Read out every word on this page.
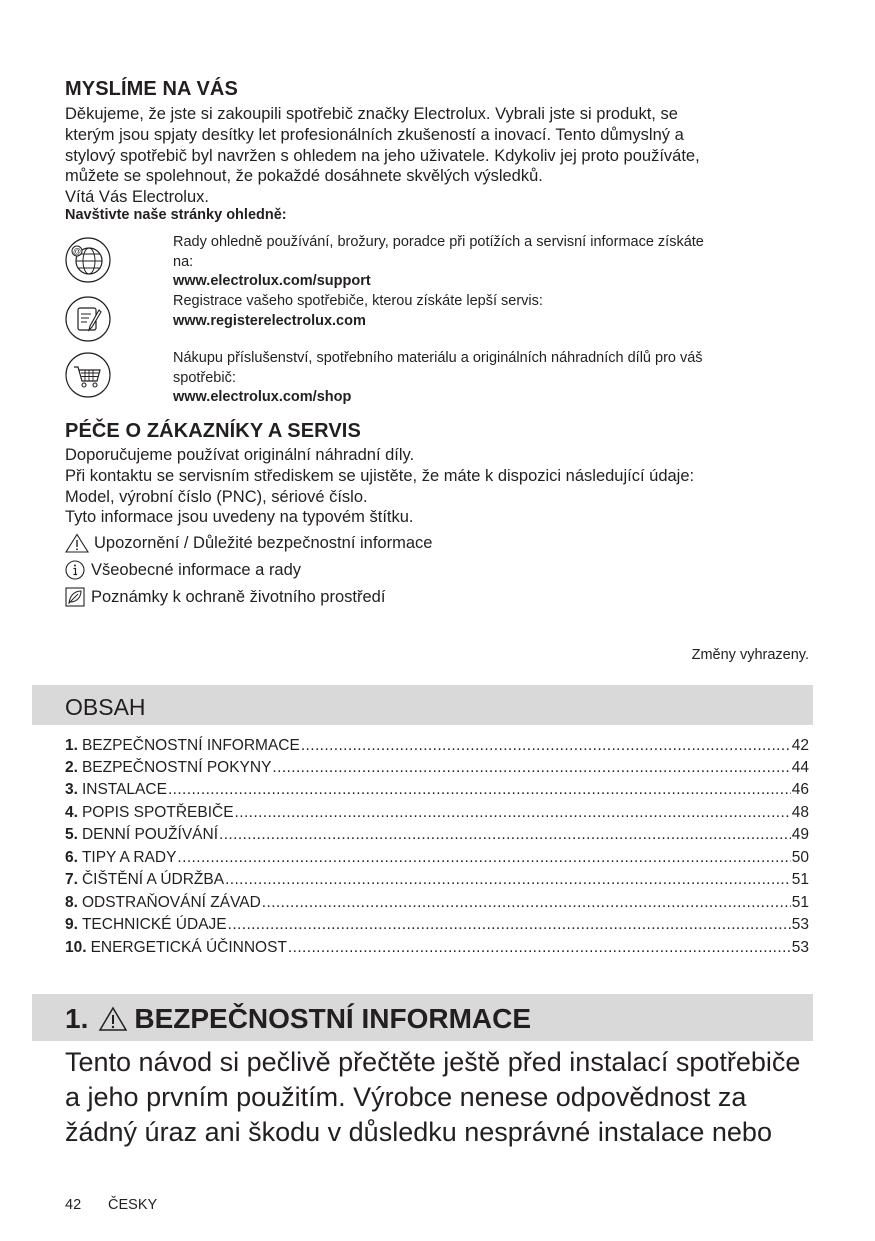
MYSLÍME NA VÁS
Děkujeme, že jste si zakoupili spotřebič značky Electrolux. Vybrali jste si produkt, se
kterým jsou spjaty desítky let profesionálních zkušeností a inovací. Tento důmyslný a
stylový spotřebič byl navržen s ohledem na jeho uživatele. Kdykoliv jej proto používáte,
můžete se spolehnout, že pokaždé dosáhnete skvělých výsledků.
Vítá Vás Electrolux.
Navštivte naše stránky ohledně:
@
Rady ohledně používání, brožury, poradce při potížích a servisní informace získáte
na:
www.electrolux.com/support
Registrace vašeho spotřebiče, kterou získáte lepší servis:
www.registerelectrolux.com
Nákupu příslušenství, spotřebního materiálu a originálních náhradních dílů pro váš
spotřebič:
www.electrolux.com/shop
PÉČE O ZÁKAZNÍKY A SERVIS
Doporučujeme používat originální náhradní díly.
Při kontaktu se servisním střediskem se ujistěte, že máte k dispozici následující údaje:
Model, výrobní číslo (PNC), sériové číslo.
Tyto informace jsou uvedeny na typovém štítku.
Upozornění / Důležité bezpečnostní informace
Všeobecné informace a rady
Poznámky k ochraně životního prostředí
Změny vyhrazeny.
OBSAH
1. BEZPEČNOSTNÍ INFORMACE .....	42
2. BEZPEČNOSTNÍ POKYNY .....	44
3. INSTALACE .....	46
4. POPIS SPOTŘEBIČE .....	48
5. DENNÍ POUŽÍVÁNÍ .....	49
6. TIPY A RADY .....	50
7. ČIŠTĚNÍ A ÚDRŽBA .....	51
8. ODSTRAŇOVÁNÍ ZÁVAD .....	51
9. TECHNICKÉ ÚDAJE .....	53
10. ENERGETICKÁ ÚČINNOST .....	53
1. BEZPEČNOSTNÍ INFORMACE
Tento návod si pečlivě přečtěte ještě před instalací spotřebiče
a jeho prvním použitím. Výrobce nenese odpovědnost za
žádný úraz ani škodu v důsledku nesprávné instalace nebo
42 ČESKY
